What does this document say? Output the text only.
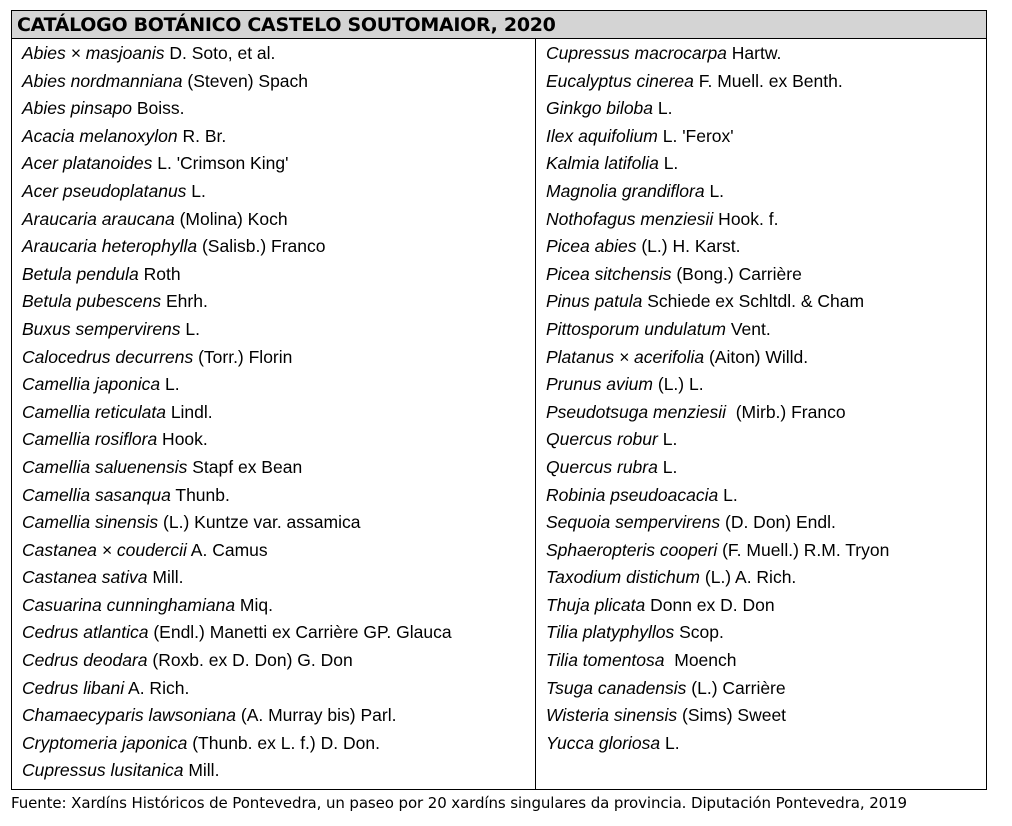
CATÁLOGO BOTÁNICO CASTELO SOUTOMAIOR, 2020
Abies × masjoanis D. Soto, et al.
Abies nordmanniana (Steven) Spach
Abies pinsapo Boiss.
Acacia melanoxylon R. Br.
Acer platanoides L. 'Crimson King'
Acer pseudoplatanus L.
Araucaria araucana (Molina) Koch
Araucaria heterophylla (Salisb.) Franco
Betula pendula Roth
Betula pubescens Ehrh.
Buxus sempervirens L.
Calocedrus decurrens (Torr.) Florin
Camellia japonica L.
Camellia reticulata Lindl.
Camellia rosiflora Hook.
Camellia saluenensis Stapf ex Bean
Camellia sasanqua Thunb.
Camellia sinensis (L.) Kuntze var. assamica
Castanea × coudercii A. Camus
Castanea sativa Mill.
Casuarina cunninghamiana Miq.
Cedrus atlantica (Endl.) Manetti ex Carrière GP. Glauca
Cedrus deodara (Roxb. ex D. Don) G. Don
Cedrus libani A. Rich.
Chamaecyparis lawsoniana (A. Murray bis) Parl.
Cryptomeria japonica (Thunb. ex L. f.) D. Don.
Cupressus lusitanica Mill.
Cupressus macrocarpa Hartw.
Eucalyptus cinerea F. Muell. ex Benth.
Ginkgo biloba L.
Ilex aquifolium L. 'Ferox'
Kalmia latifolia L.
Magnolia grandiflora L.
Nothofagus menziesii Hook. f.
Picea abies (L.) H. Karst.
Picea sitchensis (Bong.) Carrière
Pinus patula Schiede ex Schltdl. & Cham
Pittosporum undulatum Vent.
Platanus × acerifolia (Aiton) Willd.
Prunus avium (L.) L.
Pseudotsuga menziesii  (Mirb.) Franco
Quercus robur L.
Quercus rubra L.
Robinia pseudoacacia L.
Sequoia sempervirens (D. Don) Endl.
Sphaeropteris cooperi (F. Muell.) R.M. Tryon
Taxodium distichum (L.) A. Rich.
Thuja plicata Donn ex D. Don
Tilia platyphyllos Scop.
Tilia tomentosa  Moench
Tsuga canadensis (L.) Carrière
Wisteria sinensis (Sims) Sweet
Yucca gloriosa L.
Fuente: Xardíns Históricos de Pontevedra, un paseo por 20 xardíns singulares da provincia. Diputación Pontevedra, 2019
